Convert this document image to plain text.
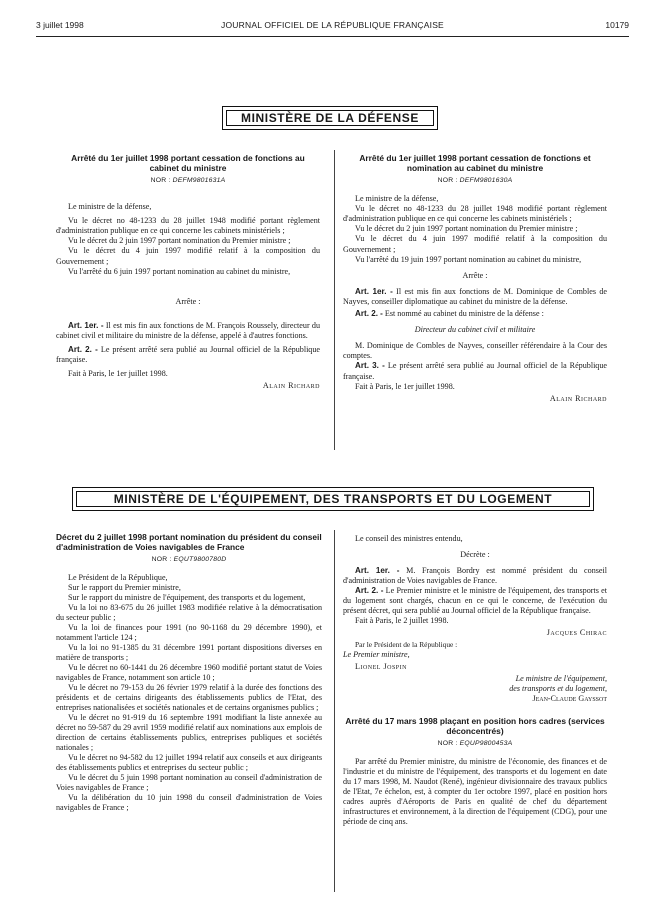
3 juillet 1998	JOURNAL OFFICIEL DE LA RÉPUBLIQUE FRANÇAISE	10179
MINISTÈRE DE LA DÉFENSE

Arrêté du 1er juillet 1998 portant cessation de fonctions au cabinet du ministre

NOR : DEFM9801631A

Le ministre de la défense,

Vu le décret no 48-1233 du 28 juillet 1948 modifié portant règlement d'administration publique en ce qui concerne les cabinets ministériels ;

Vu le décret du 2 juin 1997 portant nomination du Premier ministre ;

Vu le décret du 4 juin 1997 modifié relatif à la composition du Gouvernement ;

Vu l'arrêté du 6 juin 1997 portant nomination au cabinet du ministre,

Arrête :

Art. 1er. - Il est mis fin aux fonctions de M. François Roussely, directeur du cabinet civil et militaire du ministre de la défense, appelé à d'autres fonctions.

Art. 2. - Le présent arrêté sera publié au Journal officiel de la République française.

Fait à Paris, le 1er juillet 1998.

Alain Richard

Arrêté du 1er juillet 1998 portant cessation de fonctions et nomination au cabinet du ministre

NOR : DEFM9801630A

Le ministre de la défense,

Vu le décret no 48-1233 du 28 juillet 1948 modifié portant règlement d'administration publique en ce qui concerne les cabinets ministériels ;

Vu le décret du 2 juin 1997 portant nomination du Premier ministre ;

Vu le décret du 4 juin 1997 modifié relatif à la composition du Gouvernement ;

Vu l'arrêté du 19 juin 1997 portant nomination au cabinet du ministre,

Arrête :

Art. 1er. - Il est mis fin aux fonctions de M. Dominique de Combles de Nayves, conseiller diplomatique au cabinet du ministre de la défense.

Art. 2. - Est nommé au cabinet du ministre de la défense :

Directeur du cabinet civil et militaire

M. Dominique de Combles de Nayves, conseiller référendaire à la Cour des comptes.

Art. 3. - Le présent arrêté sera publié au Journal officiel de la République française.

Fait à Paris, le 1er juillet 1998.

Alain Richard
MINISTÈRE DE L'ÉQUIPEMENT, DES TRANSPORTS ET DU LOGEMENT

Décret du 2 juillet 1998 portant nomination du président du conseil d'administration de Voies navigables de France

NOR : EQUT9800780D

Le Président de la République,

Sur le rapport du Premier ministre,

Sur le rapport du ministre de l'équipement, des transports et du logement,

Vu la loi no 83-675 du 26 juillet 1983 modifiée relative à la démocratisation du secteur public ;

Vu la loi de finances pour 1991 (no 90-1168 du 29 décembre 1990), et notamment l'article 124 ;

Vu la loi no 91-1385 du 31 décembre 1991 portant dispositions diverses en matière de transports ;

Vu le décret no 60-1441 du 26 décembre 1960 modifié portant statut de Voies navigables de France, notamment son article 10 ;

Vu le décret no 79-153 du 26 février 1979 relatif à la durée des fonctions des présidents et de certains dirigeants des établissements publics de l'Etat, des entreprises nationalisées et sociétés nationales et de certains organismes publics ;

Vu le décret no 91-919 du 16 septembre 1991 modifiant la liste annexée au décret no 59-587 du 29 avril 1959 modifié relatif aux nominations aux emplois de direction de certains établissements publics, entreprises publiques et sociétés nationales ;

Vu le décret no 94-582 du 12 juillet 1994 relatif aux conseils et aux dirigeants des établissements publics et entreprises du secteur public ;

Vu le décret du 5 juin 1998 portant nomination au conseil d'administration de Voies navigables de France ;

Vu la délibération du 10 juin 1998 du conseil d'administration de Voies navigables de France ;

Le conseil des ministres entendu,

Décrète :

Art. 1er. - M. François Bordry est nommé président du conseil d'administration de Voies navigables de France.

Art. 2. - Le Premier ministre et le ministre de l'équipement, des transports et du logement sont chargés, chacun en ce qui le concerne, de l'exécution du présent décret, qui sera publié au Journal officiel de la République française.

Fait à Paris, le 2 juillet 1998.

Jacques Chirac

Par le Président de la République :

Le Premier ministre,

Lionel Jospin

Le ministre de l'équipement,
des transports et du logement,
Jean-Claude Gayssot

Arrêté du 17 mars 1998 plaçant en position hors cadres (services déconcentrés)

NOR : EQUP9800453A

Par arrêté du Premier ministre, du ministre de l'économie, des finances et de l'industrie et du ministre de l'équipement, des transports et du logement en date du 17 mars 1998, M. Naudot (René), ingénieur divisionnaire des travaux publics de l'Etat, 7e échelon, est, à compter du 1er octobre 1997, placé en position hors cadres auprès d'Aéroports de Paris en qualité de chef du département infrastructures et environnement, à la direction de l'équipement (CDG), pour une période de cinq ans.
